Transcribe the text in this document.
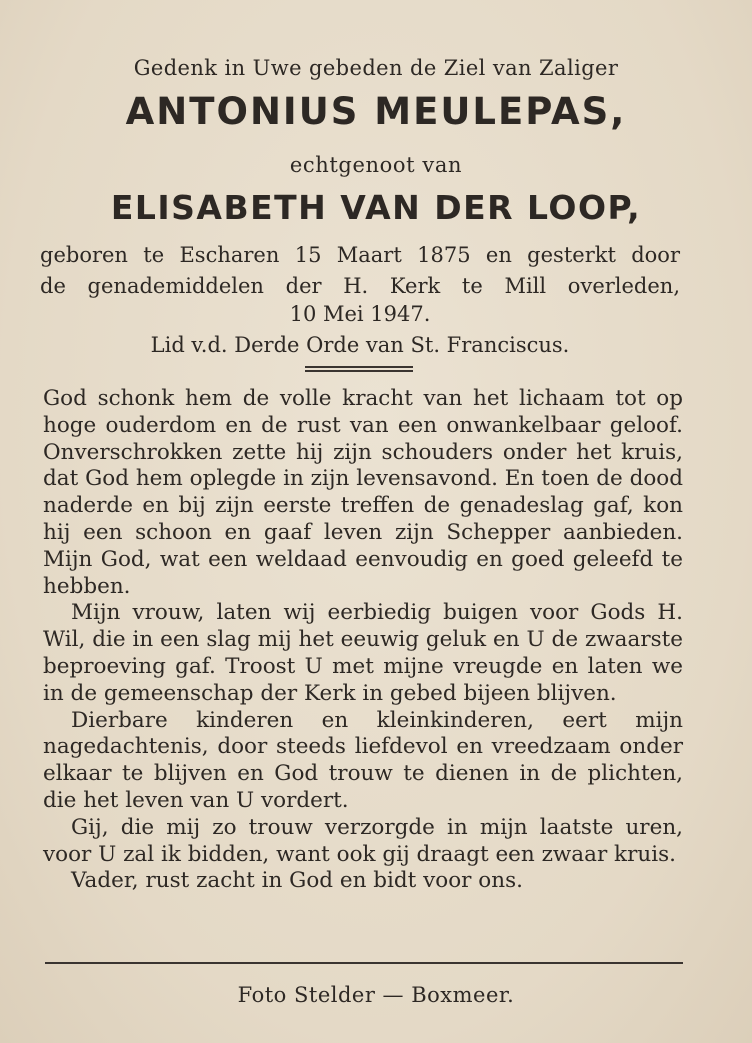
Gedenk in Uwe gebeden de Ziel van Zaliger
ANTONIUS MEULEPAS,
echtgenoot van
ELISABETH VAN DER LOOP,
geboren te Escharen 15 Maart 1875 en gesterkt door
de genademiddelen der H. Kerk te Mill overleden,
10 Mei 1947.
Lid v.d. Derde Orde van St. Franciscus.

God schonk hem de volle kracht van het lichaam tot op hoge ouderdom en de rust van een onwankelbaar geloof. Onverschrokken zette hij zijn schouders onder het kruis, dat God hem oplegde in zijn levensavond. En toen de dood naderde en bij zijn eerste treffen de genadeslag gaf, kon hij een schoon en gaaf leven zijn Schepper aanbieden. Mijn God, wat een weldaad eenvoudig en goed geleefd te hebben.

Mijn vrouw, laten wij eerbiedig buigen voor Gods H. Wil, die in een slag mij het eeuwig geluk en U de zwaarste beproeving gaf. Troost U met mijne vreugde en laten we in de gemeenschap der Kerk in gebed bijeen blijven.

Dierbare kinderen en kleinkinderen, eert mijn nagedachtenis, door steeds liefdevol en vreedzaam onder elkaar te blijven en God trouw te dienen in de plichten, die het leven van U vordert.

Gij, die mij zo trouw verzorgde in mijn laatste uren, voor U zal ik bidden, want ook gij draagt een zwaar kruis.

Vader, rust zacht in God en bidt voor ons.

Foto Stelder — Boxmeer.
